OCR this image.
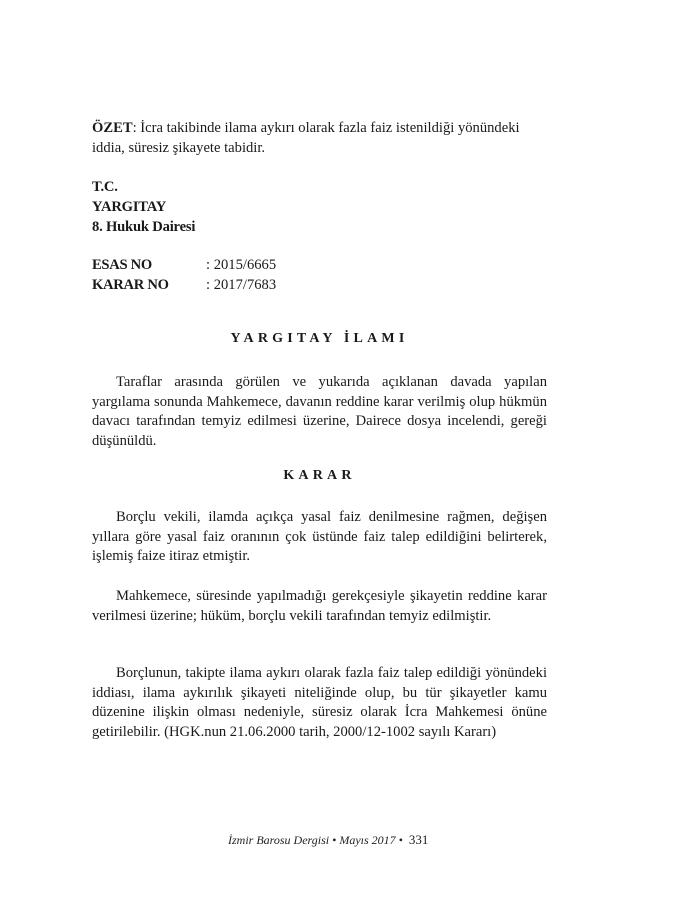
ÖZET: İcra takibinde ilama aykırı olarak fazla faiz istenildiği yönündeki iddia, süresiz şikayete tabidir.
T.C.
YARGITAY
8. Hukuk Dairesi
ESAS NO	: 2015/6665
KARAR NO	: 2017/7683
YARGITAY İLAMI
Taraflar arasında görülen ve yukarıda açıklanan davada yapılan yargılama sonunda Mahkemece, davanın reddine karar verilmiş olup hükmün davacı tarafından temyiz edilmesi üzerine, Dairece dosya incelendi, gereği düşünüldü.
KARAR
Borçlu vekili, ilamda açıkça yasal faiz denilmesine rağmen, değişen yıllara göre yasal faiz oranının çok üstünde faiz talep edildiğini belirterek, işlemiş faize itiraz etmiştir.
Mahkemece, süresinde yapılmadığı gerekçesiyle şikayetin reddine karar verilmesi üzerine; hüküm, borçlu vekili tarafından temyiz edilmiştir.
Borçlunun, takipte ilama aykırı olarak fazla faiz talep edildiği yönündeki iddiası, ilama aykırılık şikayeti niteliğinde olup, bu tür şikayetler kamu düzenine ilişkin olması nedeniyle, süresiz olarak İcra Mahkemesi önüne getirilebilir. (HGK.nun 21.06.2000 tarih, 2000/12-1002 sayılı Kararı)
İzmir Barosu Dergisi • Mayıs 2017 • 331
